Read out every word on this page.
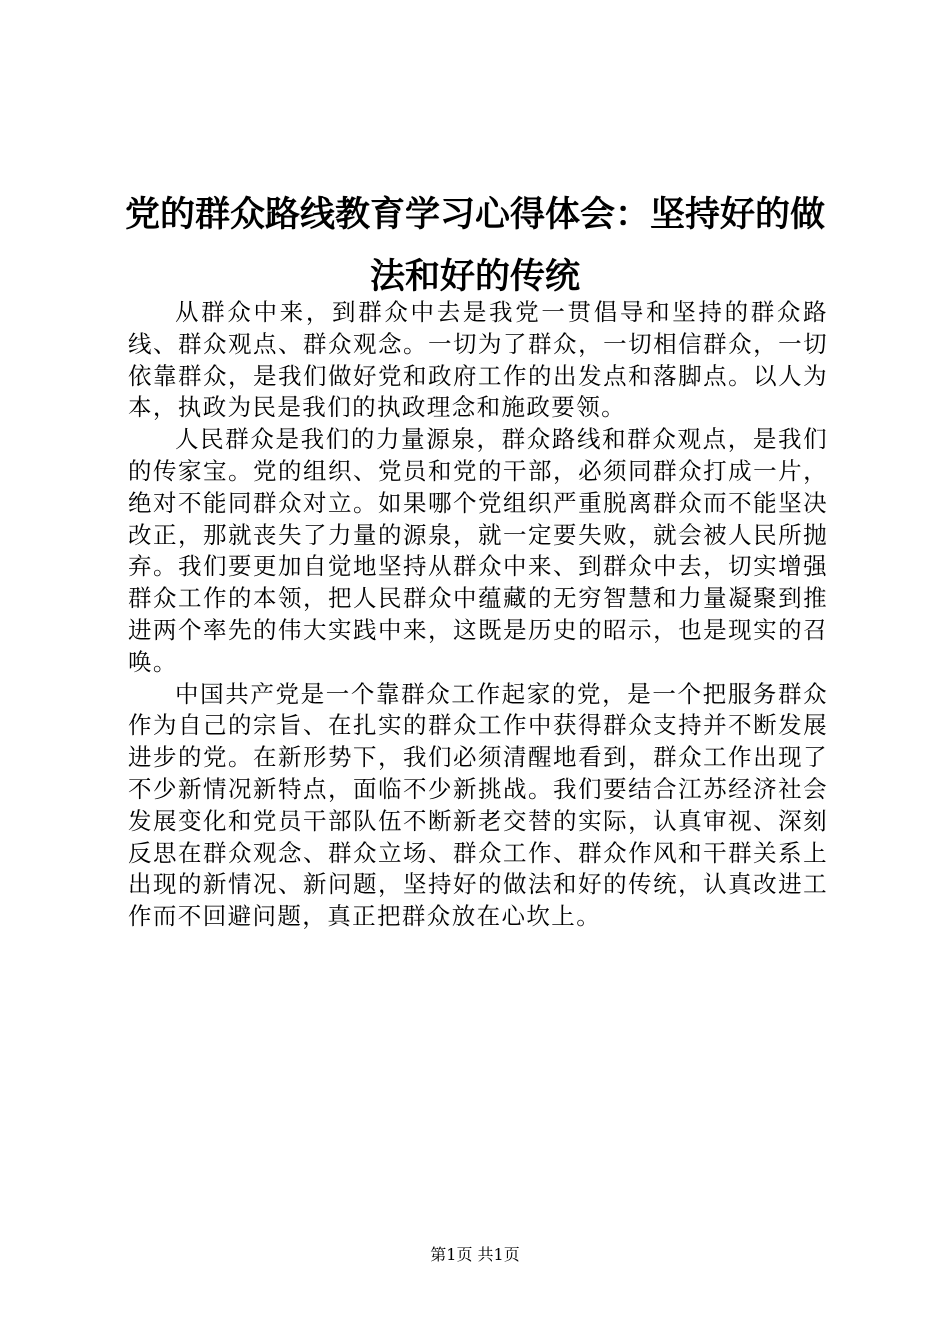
党的群众路线教育学习心得体会：坚持好的做法和好的传统

从群众中来，到群众中去是我党一贯倡导和坚持的群众路线、群众观点、群众观念。一切为了群众，一切相信群众，一切依靠群众，是我们做好党和政府工作的出发点和落脚点。以人为本，执政为民是我们的执政理念和施政要领。

人民群众是我们的力量源泉，群众路线和群众观点，是我们的传家宝。党的组织、党员和党的干部，必须同群众打成一片，绝对不能同群众对立。如果哪个党组织严重脱离群众而不能坚决改正，那就丧失了力量的源泉，就一定要失败，就会被人民所抛弃。我们要更加自觉地坚持从群众中来、到群众中去，切实增强群众工作的本领，把人民群众中蕴藏的无穷智慧和力量凝聚到推进两个率先的伟大实践中来，这既是历史的昭示，也是现实的召唤。

中国共产党是一个靠群众工作起家的党，是一个把服务群众作为自己的宗旨、在扎实的群众工作中获得群众支持并不断发展进步的党。在新形势下，我们必须清醒地看到，群众工作出现了不少新情况新特点，面临不少新挑战。我们要结合江苏经济社会发展变化和党员干部队伍不断新老交替的实际，认真审视、深刻反思在群众观念、群众立场、群众工作、群众作风和干群关系上出现的新情况、新问题，坚持好的做法和好的传统，认真改进工作而不回避问题，真正把群众放在心坎上。

第1页 共1页
